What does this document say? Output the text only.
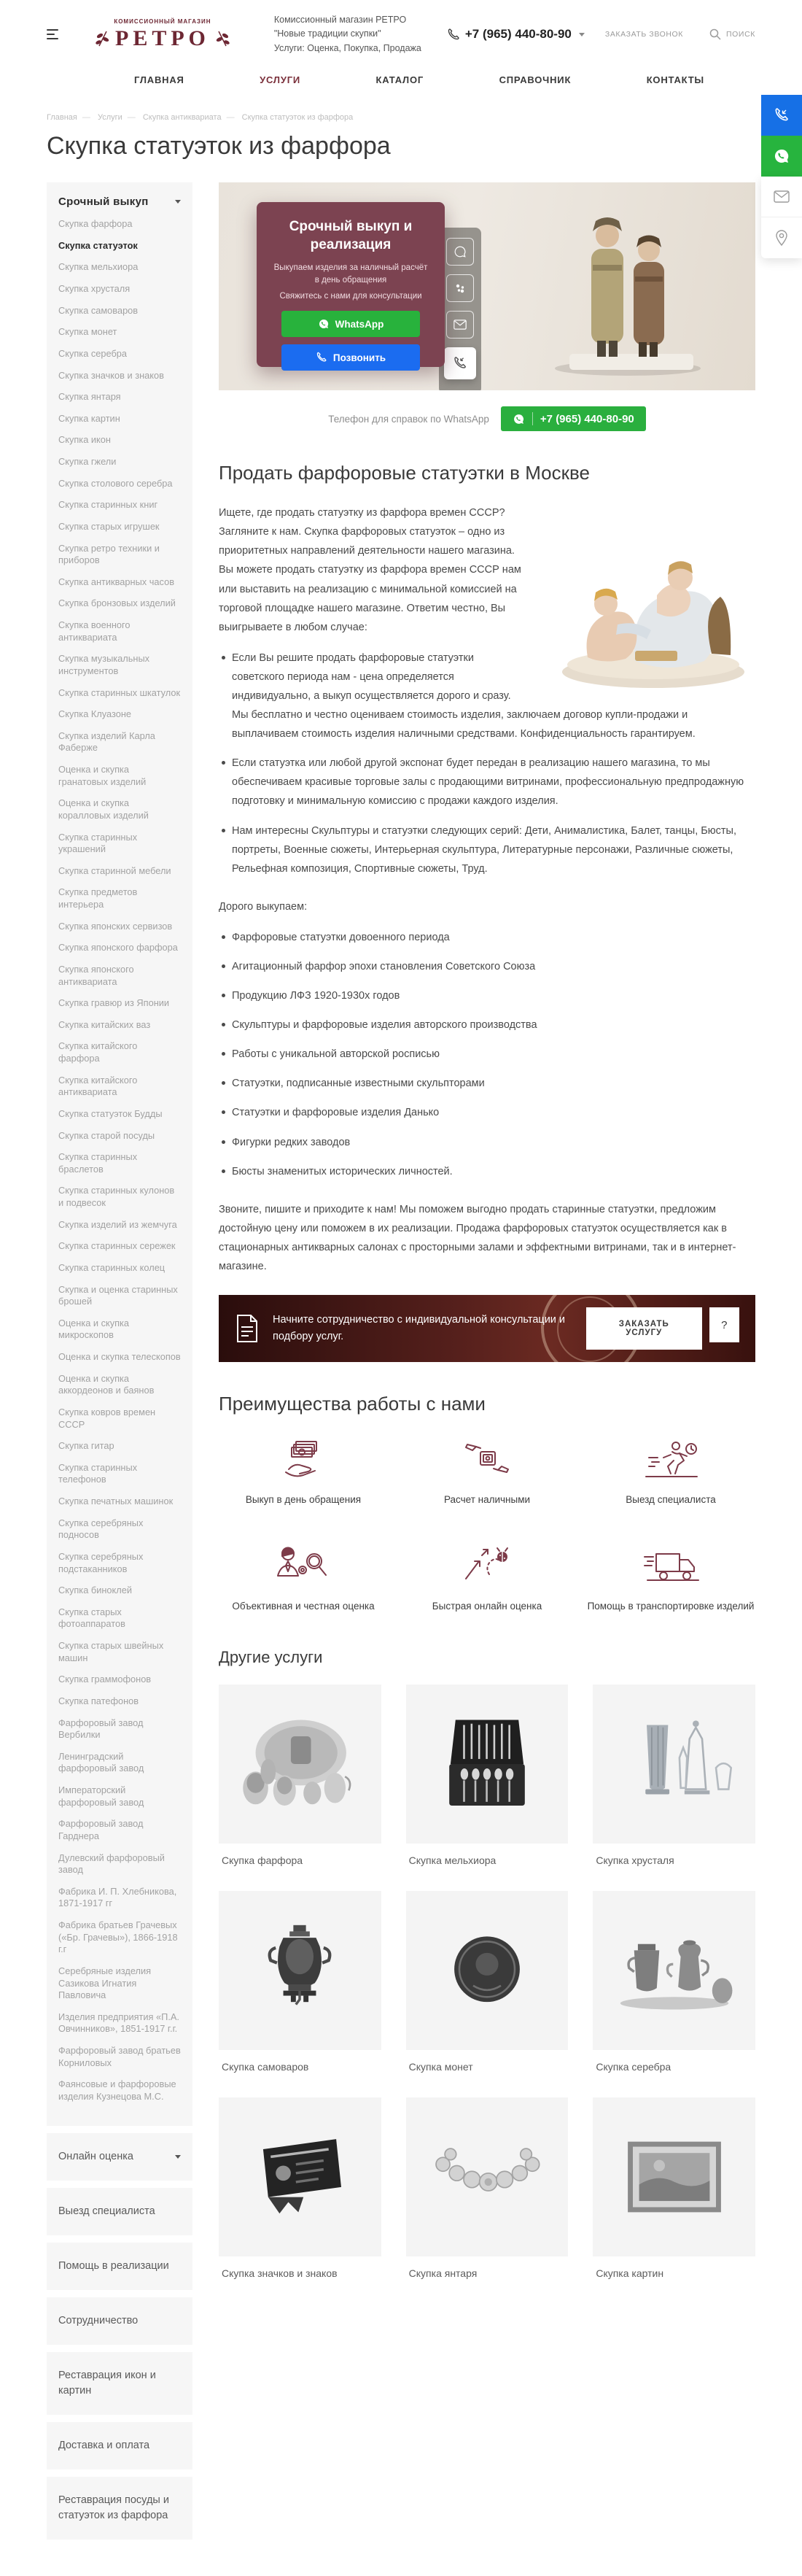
КОМИССИОННЫЙ МАГАЗИН
РЕТРО
Комиссионный магазин РЕТРО
"Новые традиции скупки"
Услуги: Оценка, Покупка, Продажа
+7 (965) 440-80-90	ЗАКАЗАТЬ ЗВОНОК	ПОИСК
ГЛАВНАЯ	УСЛУГИ	КАТАЛОГ	СПРАВОЧНИК	КОНТАКТЫ
Главная — Услуги — Скупка антиквариата — Скупка статуэток из фарфора
Скупка статуэток из фарфора
Срочный выкуп
Скупка фарфора
Скупка статуэток
Скупка мельхиора
Скупка хрусталя
Скупка самоваров
Скупка монет
Скупка серебра
Скупка значков и знаков
Скупка янтаря
Скупка картин
Скупка икон
Скупка гжели
Скупка столового серебра
Скупка старинных книг
Скупка старых игрушек
Скупка ретро техники и приборов
Скупка антикварных часов
Скупка бронзовых изделий
Скупка военного антиквариата
Скупка музыкальных инструментов
Скупка старинных шкатулок
Скупка Клуазоне
Скупка изделий Карла Фаберже
Оценка и скупка гранатовых изделий
Оценка и скупка коралловых изделий
Скупка старинных украшений
Скупка старинной мебели
Скупка предметов интерьера
Скупка японских сервизов
Скупка японского фарфора
Скупка японского антиквариата
Скупка гравюр из Японии
Скупка китайских ваз
Скупка китайского фарфора
Скупка китайского антиквариата
Скупка статуэток Будды
Скупка старой посуды
Скупка старинных браслетов
Скупка старинных кулонов и подвесок
Скупка изделий из жемчуга
Скупка старинных сережек
Скупка старинных колец
Скупка и оценка старинных брошей
Оценка и скупка микроскопов
Оценка и скупка телескопов
Оценка и скупка аккордеонов и баянов
Скупка ковров времен СССР
Скупка гитар
Скупка старинных телефонов
Скупка печатных машинок
Скупка серебряных подносов
Скупка серебряных подстаканников
Скупка биноклей
Скупка старых фотоаппаратов
Скупка старых швейных машин
Скупка граммофонов
Скупка патефонов
Фарфоровый завод Вербилки
Ленинградский фарфоровый завод
Императорский фарфоровый завод
Фарфоровый завод Гарднера
Дулевский фарфоровый завод
Фабрика И. П. Хлебникова, 1871-1917 гг
Фабрика братьев Грачевых («Бр. Грачевы»), 1866-1918 г.г
Серебряные изделия Сазикова Игнатия Павловича
Изделия предприятия «П.А. Овчинников», 1851-1917 г.г.
Фарфоровый завод братьев Корниловых
Фаянсовые и фарфоровые изделия Кузнецова М.С.
Онлайн оценка
Выезд специалиста
Помощь в реализации
Сотрудничество
Реставрация икон и картин
Доставка и оплата
Реставрация посуды и статуэток из фарфора
Срочный выкуп и реализация
Выкупаем изделия за наличный расчёт в день обращения
Свяжитесь с нами для консультации
WhatsApp
Позвонить
Телефон для справок по WhatsApp	+7 (965) 440-80-90
Продать фарфоровые статуэтки в Москве

Ищете, где продать статуэтку из фарфора времен СССР? Загляните к нам. Скупка фарфоровых статуэток – одно из приоритетных направлений деятельности нашего магазина. Вы можете продать статуэтку из фарфора времен СССР нам или выставить на реализацию с минимальной комиссией на торговой площадке нашего магазине. Ответим честно, Вы выигрываете в любом случае:

Если Вы решите продать фарфоровые статуэтки советского периода нам - цена определяется индивидуально, а выкуп осуществляется дорого и сразу. Мы бесплатно и честно оцениваем стоимость изделия, заключаем договор купли-продажи и выплачиваем стоимость изделия наличными средствами. Конфиденциальность гарантируем.
Если статуэтка или любой другой экспонат будет передан в реализацию нашего магазина, то мы обеспечиваем красивые торговые залы с продающими витринами, профессиональную предпродажную подготовку и минимальную комиссию с продажи каждого изделия.
Нам интересны Скульптуры и статуэтки следующих серий: Дети, Анималистика, Балет, танцы, Бюсты, портреты, Военные сюжеты, Интерьерная скульптура, Литературные персонажи, Различные сюжеты, Рельефная композиция, Спортивные сюжеты, Труд.

Дорого выкупаем:

Фарфоровые статуэтки довоенного периода
Агитационный фарфор эпохи становления Советского Союза
Продукцию ЛФЗ 1920-1930х годов
Скульптуры и фарфоровые изделия авторского производства
Работы с уникальной авторской росписью
Статуэтки, подписанные известными скульпторами
Статуэтки и фарфоровые изделия Данько
Фигурки редких заводов
Бюсты знаменитых исторических личностей.

Звоните, пишите и приходите к нам! Мы поможем выгодно продать старинные статуэтки, предложим достойную цену или поможем в их реализации. Продажа фарфоровых статуэток осуществляется как в стационарных антикварных салонах с просторными залами и эффектными витринами, так и в интернет-магазине.

Начните сотрудничество с индивидуальной консультации и подбору услуг.
ЗАКАЗАТЬ УСЛУГУ
?
Преимущества работы с нами
Выкуп в день обращения	Расчет наличными	Выезд специалиста
Объективная и честная оценка	Быстрая онлайн оценка	Помощь в транспортировке изделий
Другие услуги
Скупка фарфора	Скупка мельхиора	Скупка хрусталя
Скупка самоваров	Скупка монет	Скупка серебра
Скупка значков и знаков	Скупка янтаря	Скупка картин
